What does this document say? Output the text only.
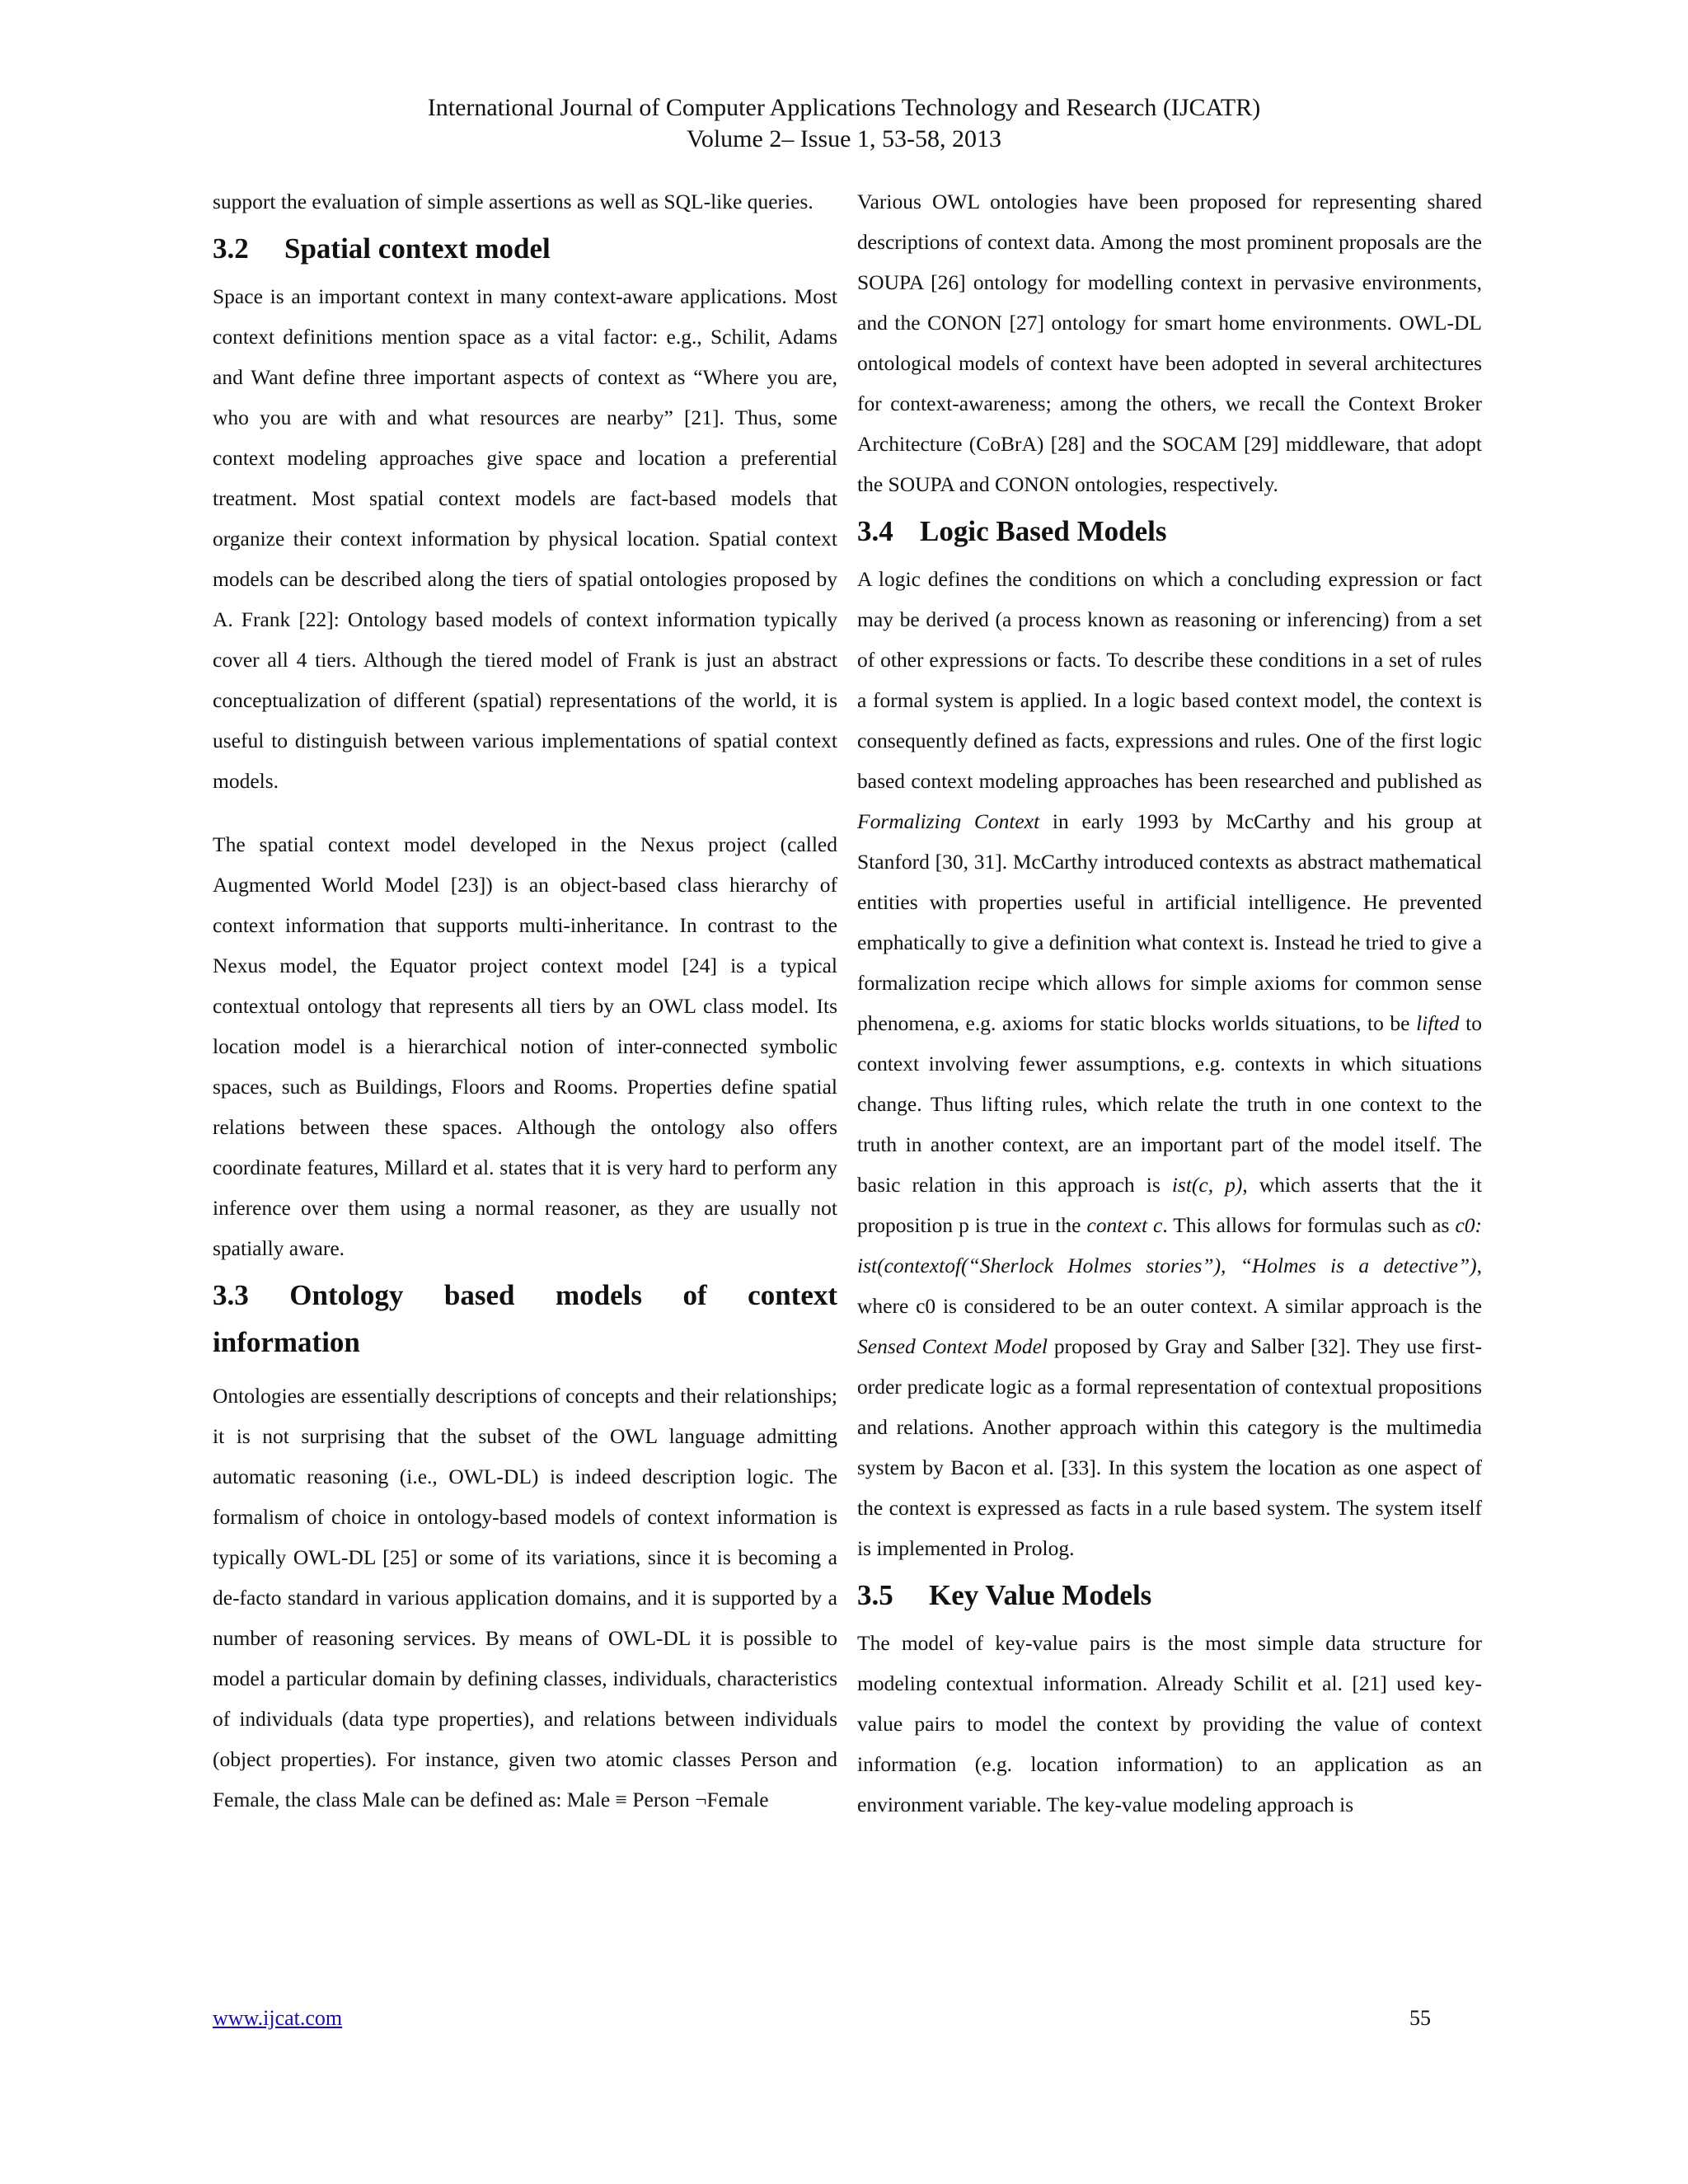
International Journal of Computer Applications Technology and Research (IJCATR)
Volume 2– Issue 1, 53-58, 2013

support the evaluation of simple assertions as well as SQL-like queries.

3.2 Spatial context model

Space is an important context in many context-aware applications. Most context definitions mention space as a vital factor: e.g., Schilit, Adams and Want define three important aspects of context as “Where you are, who you are with and what resources are nearby” [21]. Thus, some context modeling approaches give space and location a preferential treatment. Most spatial context models are fact-based models that organize their context information by physical location. Spatial context models can be described along the tiers of spatial ontologies proposed by A. Frank [22]: Ontology based models of context information typically cover all 4 tiers. Although the tiered model of Frank is just an abstract conceptualization of different (spatial) representations of the world, it is useful to distinguish between various implementations of spatial context models.

The spatial context model developed in the Nexus project (called Augmented World Model [23]) is an object-based class hierarchy of context information that supports multi-inheritance. In contrast to the Nexus model, the Equator project context model [24] is a typical contextual ontology that represents all tiers by an OWL class model. Its location model is a hierarchical notion of inter-connected symbolic spaces, such as Buildings, Floors and Rooms. Properties define spatial relations between these spaces. Although the ontology also offers coordinate features, Millard et al. states that it is very hard to perform any inference over them using a normal reasoner, as they are usually not spatially aware.

3.3 Ontology based models of context
information

Ontologies are essentially descriptions of concepts and their relationships; it is not surprising that the subset of the OWL language admitting automatic reasoning (i.e., OWL-DL) is indeed description logic. The formalism of choice in ontology-based models of context information is typically OWL-DL [25] or some of its variations, since it is becoming a de-facto standard in various application domains, and it is supported by a number of reasoning services. By means of OWL-DL it is possible to model a particular domain by defining classes, individuals, characteristics of individuals (data type properties), and relations between individuals (object properties). For instance, given two atomic classes Person and Female, the class Male can be defined as: Male ≡ Person ¬Female

Various OWL ontologies have been proposed for representing shared descriptions of context data. Among the most prominent proposals are the SOUPA [26] ontology for modelling context in pervasive environments, and the CONON [27] ontology for smart home environments. OWL-DL ontological models of context have been adopted in several architectures for context-awareness; among the others, we recall the Context Broker Architecture (CoBrA) [28] and the SOCAM [29] middleware, that adopt the SOUPA and CONON ontologies, respectively.

3.4 Logic Based Models

A logic defines the conditions on which a concluding expression or fact may be derived (a process known as reasoning or inferencing) from a set of other expressions or facts. To describe these conditions in a set of rules a formal system is applied. In a logic based context model, the context is consequently defined as facts, expressions and rules. One of the first logic based context modeling approaches has been researched and published as Formalizing Context in early 1993 by McCarthy and his group at Stanford [30, 31]. McCarthy introduced contexts as abstract mathematical entities with properties useful in artificial intelligence. He prevented emphatically to give a definition what context is. Instead he tried to give a formalization recipe which allows for simple axioms for common sense phenomena, e.g. axioms for static blocks worlds situations, to be lifted to context involving fewer assumptions, e.g. contexts in which situations change. Thus lifting rules, which relate the truth in one context to the truth in another context, are an important part of the model itself. The basic relation in this approach is ist(c, p), which asserts that the it proposition p is true in the context c. This allows for formulas such as c0: ist(contextof(“Sherlock Holmes stories”), “Holmes is a detective”), where c0 is considered to be an outer context. A similar approach is the Sensed Context Model proposed by Gray and Salber [32]. They use first-order predicate logic as a formal representation of contextual propositions and relations. Another approach within this category is the multimedia system by Bacon et al. [33]. In this system the location as one aspect of the context is expressed as facts in a rule based system. The system itself is implemented in Prolog.

3.5 Key Value Models

The model of key-value pairs is the most simple data structure for modeling contextual information. Already Schilit et al. [21] used key-value pairs to model the context by providing the value of context information (e.g. location information) to an application as an environment variable. The key-value modeling approach is

www.ijcat.com	55
